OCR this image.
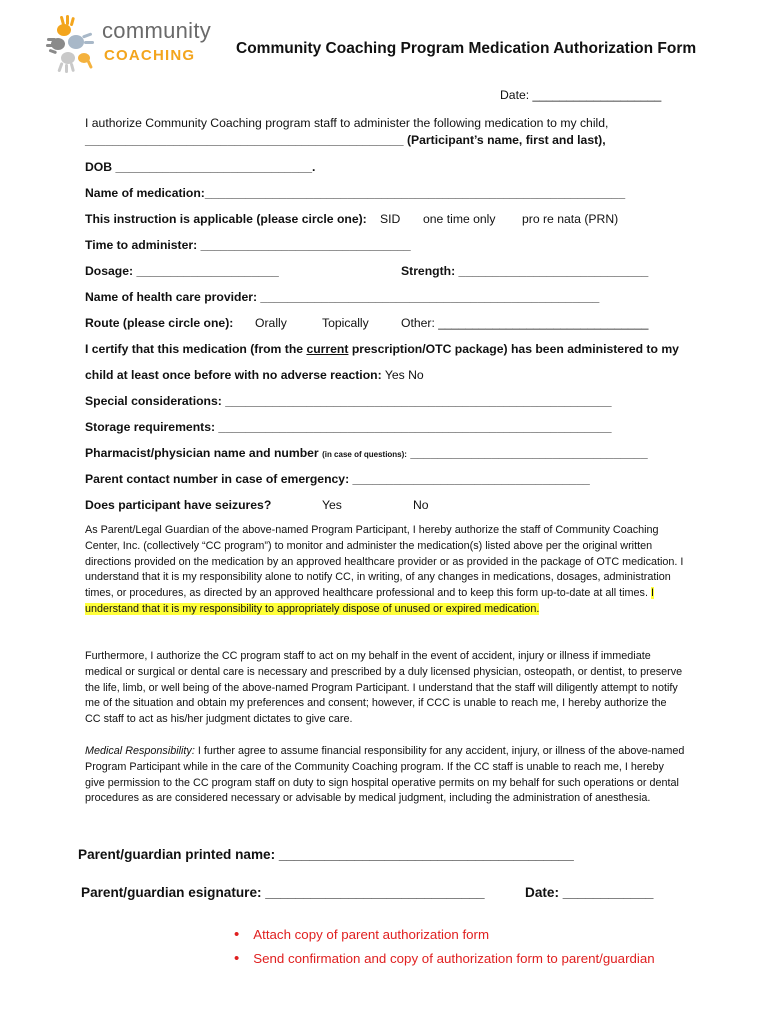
community
COACHING	Community Coaching Program Medication Authorization Form
Date: ___________________
I authorize Community Coaching program staff to administer the following medication to my child,
_______________________________________________ (Participant’s name, first and last),
DOB _____________________________.
Name of medication:______________________________________________________________
This instruction is applicable (please circle one): SID one time only pro re nata (PRN)
Time to administer: _______________________________
Dosage: _____________________	Strength: ____________________________
Name of health care provider: __________________________________________________
Route (please circle one): Orally	Topically	Other: _______________________________
I certify that this medication (from the current prescription/OTC package) has been administered to my
child at least once before with no adverse reaction: Yes No
Special considerations: _________________________________________________________
Storage requirements: __________________________________________________________
Pharmacist/physician name and number (in case of questions): ___________________________________
Parent contact number in case of emergency: ___________________________________
Does participant have seizures?	Yes	No
As Parent/Legal Guardian of the above-named Program Participant, I hereby authorize the staff of Community Coaching Center, Inc. (collectively “CC program”) to monitor and administer the medication(s) listed above per the original written directions provided on the medication by an approved healthcare provider or as provided in the package of OTC medication. I understand that it is my responsibility alone to notify CC, in writing, of any changes in medications, dosages, administration times, or procedures, as directed by an approved healthcare professional and to keep this form up-to-date at all times. I understand that it is my responsibility to appropriately dispose of unused or expired medication.
Furthermore, I authorize the CC program staff to act on my behalf in the event of accident, injury or illness if immediate medical or surgical or dental care is necessary and prescribed by a duly licensed physician, osteopath, or dentist, to preserve the life, limb, or well being of the above-named Program Participant. I understand that the staff will diligently attempt to notify me of the situation and obtain my preferences and consent; however, if CCC is unable to reach me, I hereby authorize the CC staff to act as his/her judgment dictates to give care.
Medical Responsibility: I further agree to assume financial responsibility for any accident, injury, or illness of the above-named Program Participant while in the care of the Community Coaching program. If the CC staff is unable to reach me, I hereby give permission to the CC program staff on duty to sign hospital operative permits on my behalf for such operations or dental procedures as are considered necessary or advisable by medical judgment, including the administration of anesthesia.
Parent/guardian printed name: _______________________________________
Parent/guardian esignature: _____________________________	Date: ____________
• Attach copy of parent authorization form
• Send confirmation and copy of authorization form to parent/guardian
